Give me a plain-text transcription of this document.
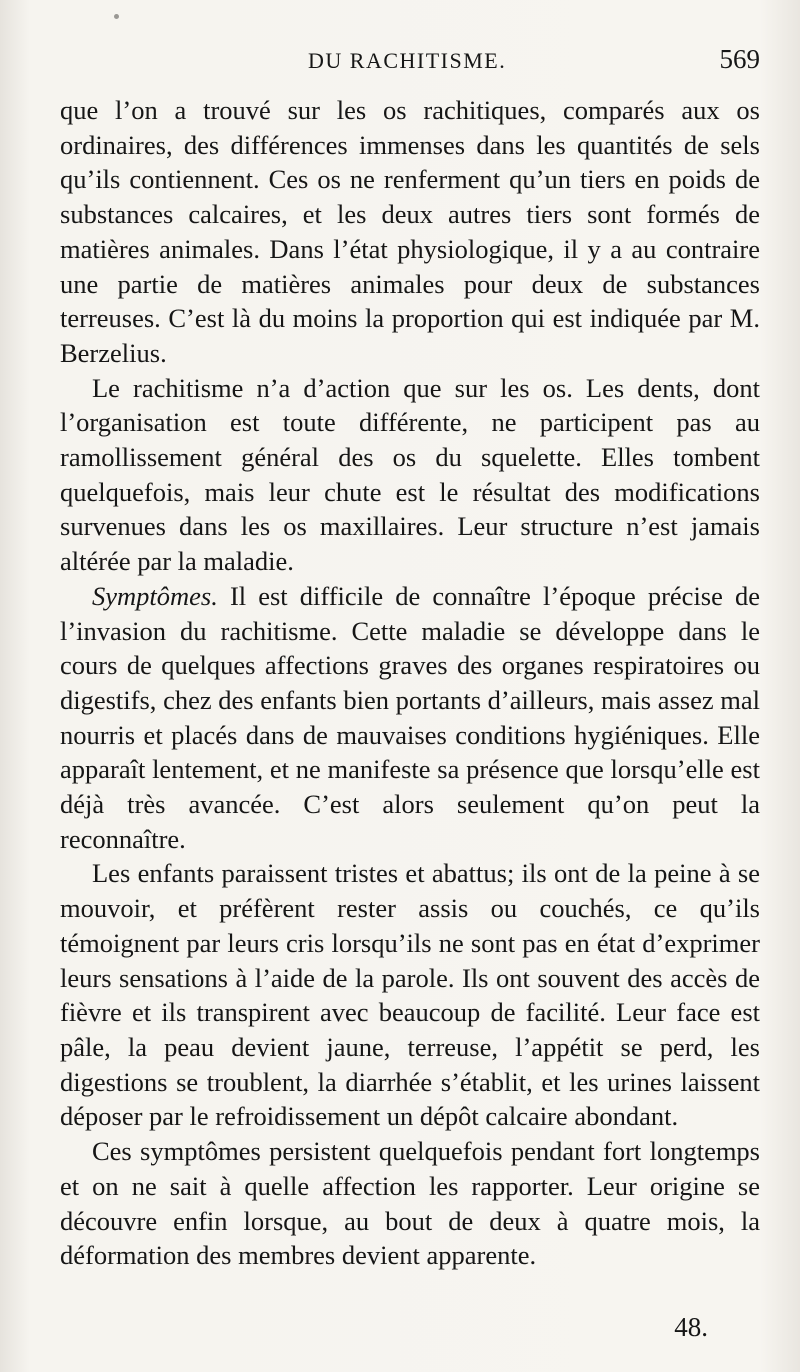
DU RACHITISME.	569

que l’on a trouvé sur les os rachitiques, comparés aux os ordinaires, des différences immenses dans les quantités de sels qu’ils contiennent. Ces os ne renferment qu’un tiers en poids de substances calcaires, et les deux autres tiers sont formés de matières animales. Dans l’état physiologique, il y a au contraire une partie de matières animales pour deux de substances terreuses. C’est là du moins la proportion qui est indiquée par M. Berzelius.

Le rachitisme n’a d’action que sur les os. Les dents, dont l’organisation est toute différente, ne participent pas au ramollissement général des os du squelette. Elles tombent quelquefois, mais leur chute est le résultat des modifications survenues dans les os maxillaires. Leur structure n’est jamais altérée par la maladie.

Symptômes. Il est difficile de connaître l’époque précise de l’invasion du rachitisme. Cette maladie se développe dans le cours de quelques affections graves des organes respiratoires ou digestifs, chez des enfants bien portants d’ailleurs, mais assez mal nourris et placés dans de mauvaises conditions hygiéniques. Elle apparaît lentement, et ne manifeste sa présence que lorsqu’elle est déjà très avancée. C’est alors seulement qu’on peut la reconnaître.

Les enfants paraissent tristes et abattus; ils ont de la peine à se mouvoir, et préfèrent rester assis ou couchés, ce qu’ils témoignent par leurs cris lorsqu’ils ne sont pas en état d’exprimer leurs sensations à l’aide de la parole. Ils ont souvent des accès de fièvre et ils transpirent avec beaucoup de facilité. Leur face est pâle, la peau devient jaune, terreuse, l’appétit se perd, les digestions se troublent, la diarrhée s’établit, et les urines laissent déposer par le refroidissement un dépôt calcaire abondant.

Ces symptômes persistent quelquefois pendant fort longtemps et on ne sait à quelle affection les rapporter. Leur origine se découvre enfin lorsque, au bout de deux à quatre mois, la déformation des membres devient apparente.

48.
